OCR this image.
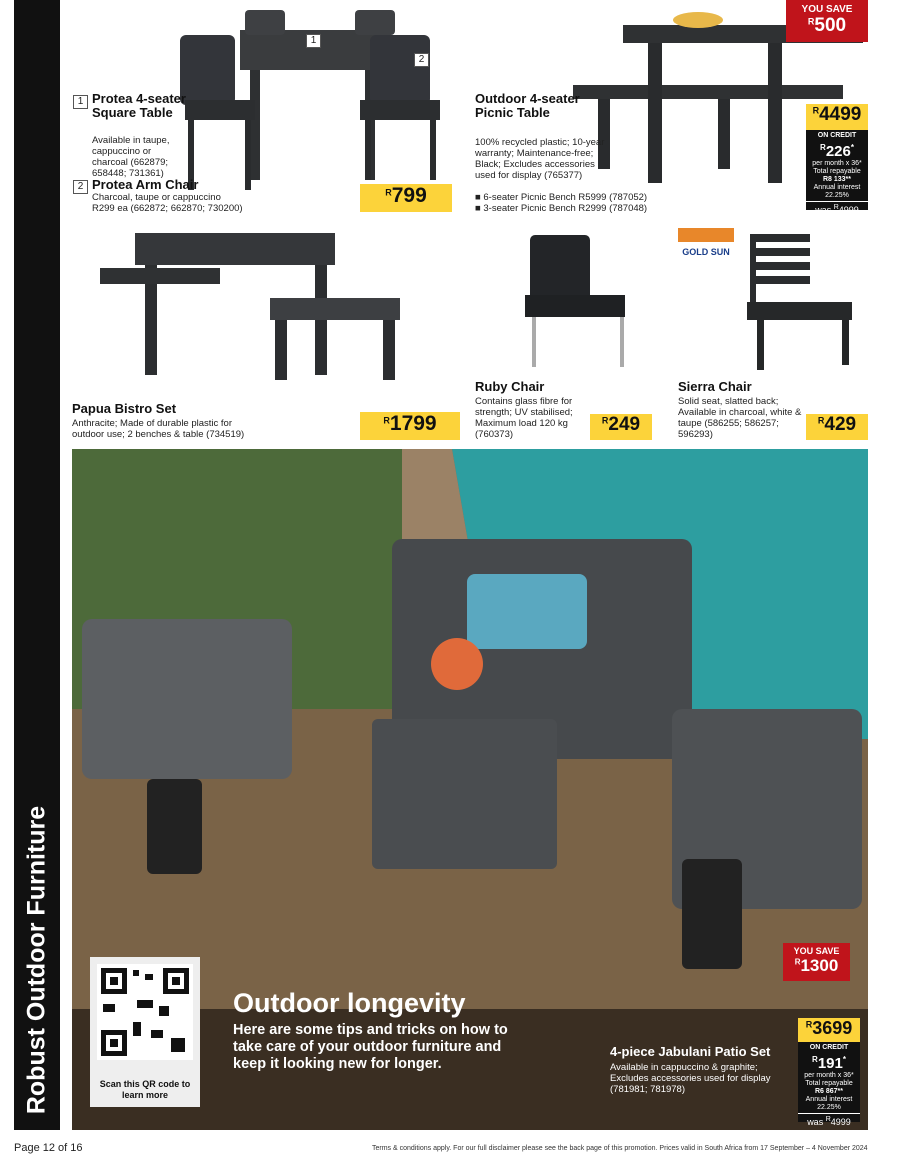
Robust Outdoor Furniture
1
2
1 Protea 4-seater Square Table
Available in taupe, cappuccino or charcoal (662879; 658448; 731361)
2 Protea Arm Chair
Charcoal, taupe or cappuccino
R299 ea (662872; 662870; 730200)
$^R$799
YOU SAVE
$^R$500
Outdoor 4-seater Picnic Table
100% recycled plastic; 10-year warranty; Maintenance-free; Black; Excludes accessories used for display (765377)
■ 6-seater Picnic Bench R5999 (787052)
■ 3-seater Picnic Bench R2999 (787048)
$^R$4499
ON CREDIT
$^R$226*
per month x 36*
Total repayable
R8 133**
Annual interest
22.25%
was $^R$4999
Papua Bistro Set
Anthracite; Made of durable plastic for outdoor use; 2 benches & table (734519)
$^R$1799
Ruby Chair
Contains glass fibre for strength; UV stabilised; Maximum load 120 kg (760373)
$^R$249
GOLD SUN
Sierra Chair
Solid seat, slatted back; Available in charcoal, white & taupe (586255; 586257; 596293)
$^R$429
YOU SAVE
$^R$1300
$^R$3699
ON CREDIT
$^R$191*
per month x 36*
Total repayable
R6 867**
Annual interest
22.25%
was $^R$4999
4-piece Jabulani Patio Set
Available in cappuccino & graphite; Excludes accessories used for display (781981; 781978)
Scan this QR code to learn more
Outdoor longevity
Here are some tips and tricks on how to take care of your outdoor furniture and keep it looking new for longer.
Page 12 of 16	Terms & conditions apply. For our full disclaimer please see the back page of this promotion. Prices valid in South Africa from 17 September – 4 November 2024
